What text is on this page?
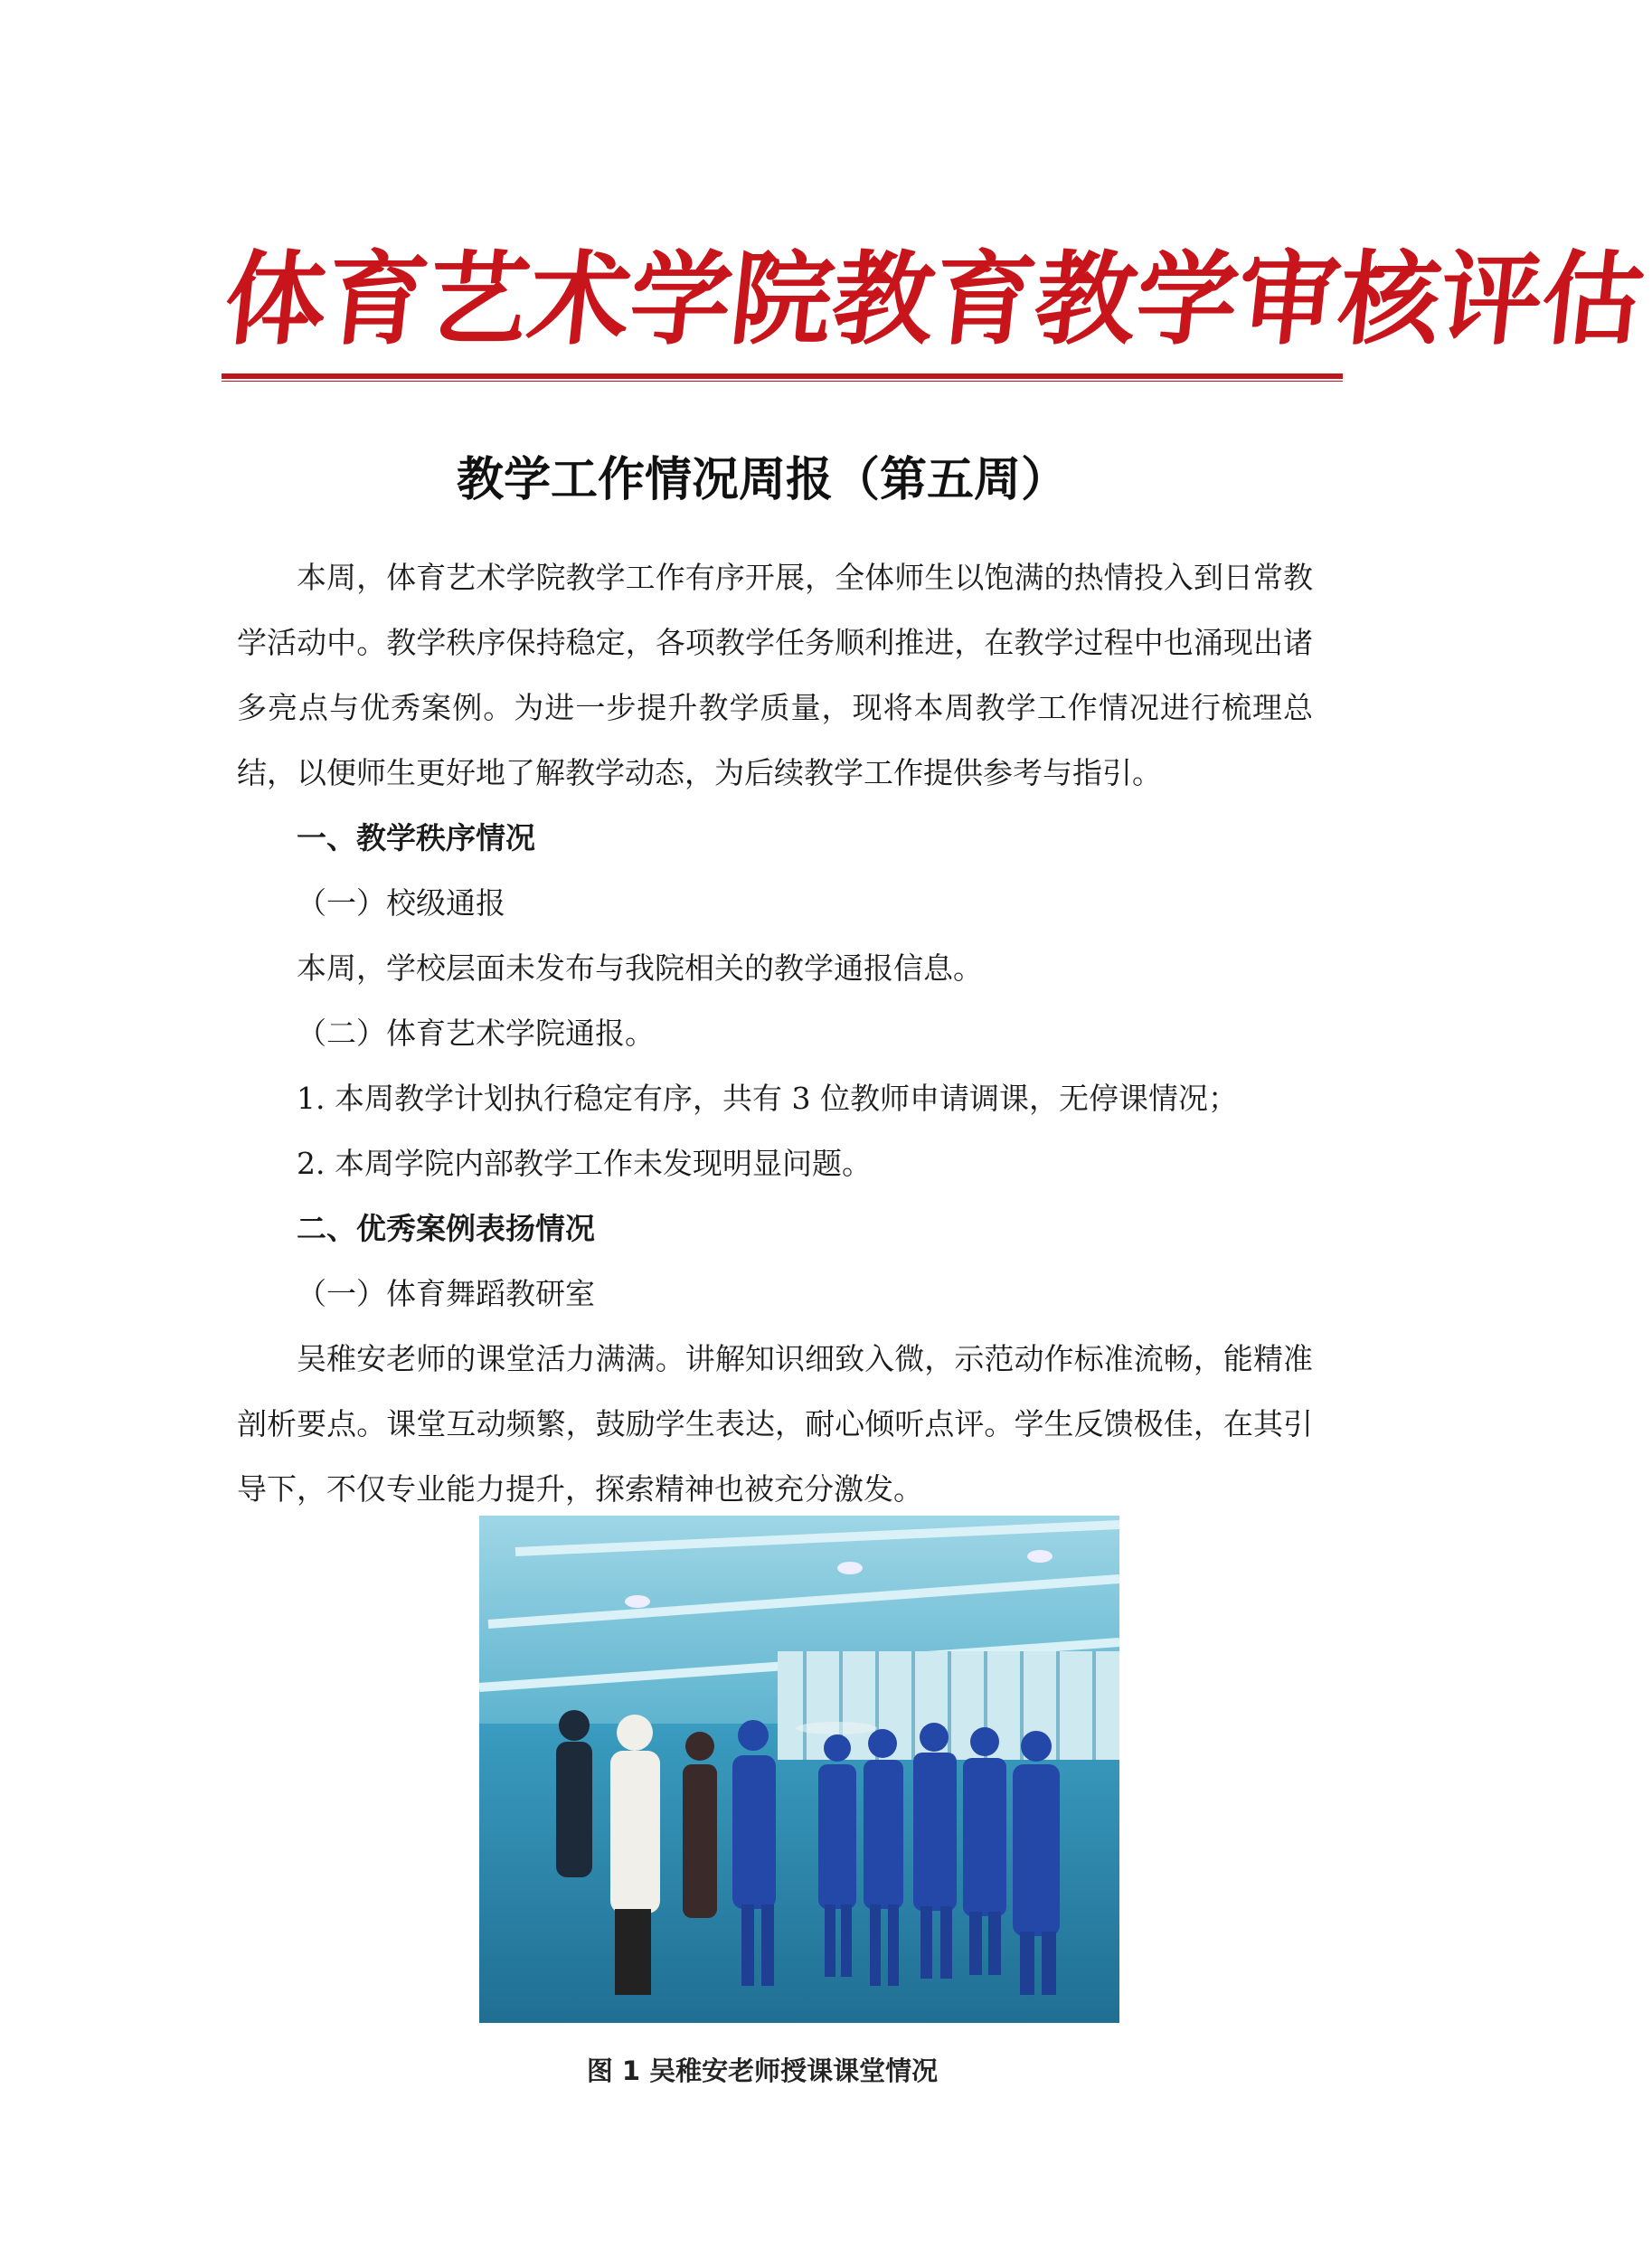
体
育
艺
术
学
院
教
育
教
学
审
核
评
估
教学工作情况周报（第五周）

本周，体育艺术学院教学工作有序开展，全体师生以饱满的热情投入到日常教学活动中。教学秩序保持稳定，各项教学任务顺利推进，在教学过程中也涌现出诸多亮点与优秀案例。为进一步提升教学质量，现将本周教学工作情况进行梳理总结，以便师生更好地了解教学动态，为后续教学工作提供参考与指引。

一、教学秩序情况

（一）校级通报

本周，学校层面未发布与我院相关的教学通报信息。

（二）体育艺术学院通报。

1. 本周教学计划执行稳定有序，共有 3 位教师申请调课，无停课情况；

2. 本周学院内部教学工作未发现明显问题。

二、优秀案例表扬情况

（一）体育舞蹈教研室

吴稚安老师的课堂活力满满。讲解知识细致入微，示范动作标准流畅，能精准剖析要点。课堂互动频繁，鼓励学生表达，耐心倾听点评。学生反馈极佳，在其引导下，不仅专业能力提升，探索精神也被充分激发。

图 1 吴稚安老师授课课堂情况
